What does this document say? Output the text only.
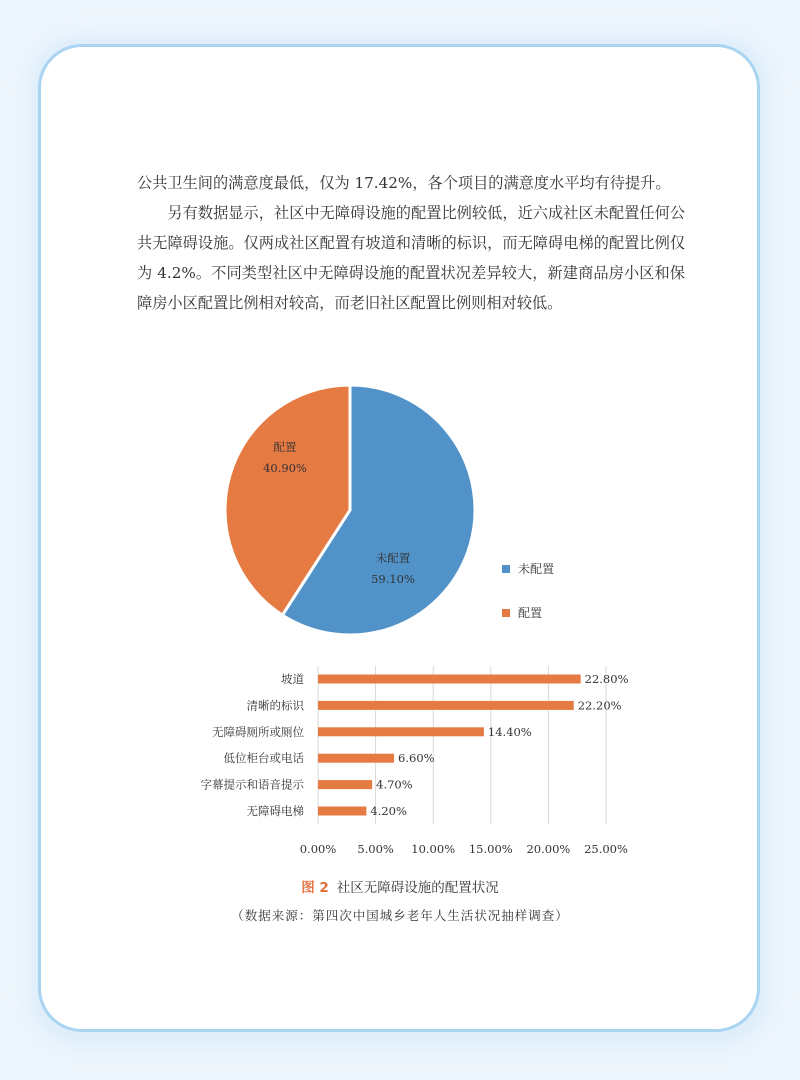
公共卫生间的满意度最低，仅为 17.42%，各个项目的满意度水平均有待提升。

另有数据显示，社区中无障碍设施的配置比例较低，近六成社区未配置任何公共无障碍设施。仅两成社区配置有坡道和清晰的标识，而无障碍电梯的配置比例仅为 4.2%。不同类型社区中无障碍设施的配置状况差异较大，新建商品房小区和保障房小区配置比例相对较高，而老旧社区配置比例则相对较低。

未配置
59.10%
配置
40.90%
未配置
配置
0.00% 5.00% 10.00% 15.00% 20.00% 25.00%
坡道	22.80%
清晰的标识	22.20%
无障碍厕所或厕位	14.40%
低位柜台或电话	6.60%
字幕提示和语音提示	4.70%
无障碍电梯	4.20%
图 2 社区无障碍设施的配置状况
（数据来源：第四次中国城乡老年人生活状况抽样调查）
